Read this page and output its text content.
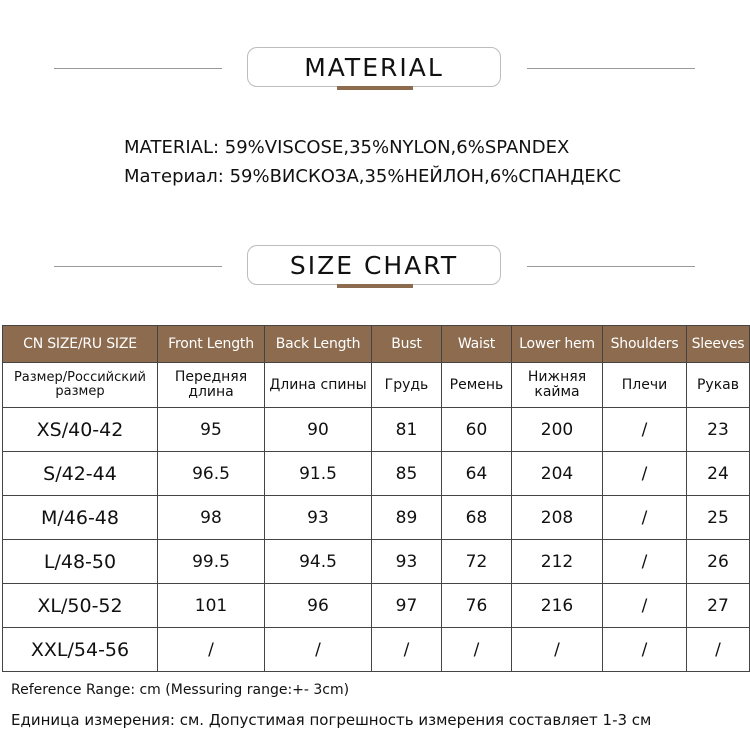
MATERIAL
MATERIAL: 59%VISCOSE,35%NYLON,6%SPANDEX
Материал: 59%ВИСКОЗА,35%НЕЙЛОН,6%СПАНДЕКС
SIZE CHART
CN SIZE/RU SIZE	Front Length	Back Length	Bust	Waist	Lower hem	Shoulders	Sleeves
Размер/Российский размер	Передняя длина	Длина спины	Грудь	Ремень	Нижняя кайма	Плечи	Рукав
XS/40-42	95	90	81	60	200	/	23
S/42-44	96.5	91.5	85	64	204	/	24
M/46-48	98	93	89	68	208	/	25
L/48-50	99.5	94.5	93	72	212	/	26
XL/50-52	101	96	97	76	216	/	27
XXL/54-56	/	/	/	/	/	/	/
Reference Range: cm (Messuring range:+- 3cm)
Единица измерения: см. Допустимая погрешность измерения составляет 1-3 см
